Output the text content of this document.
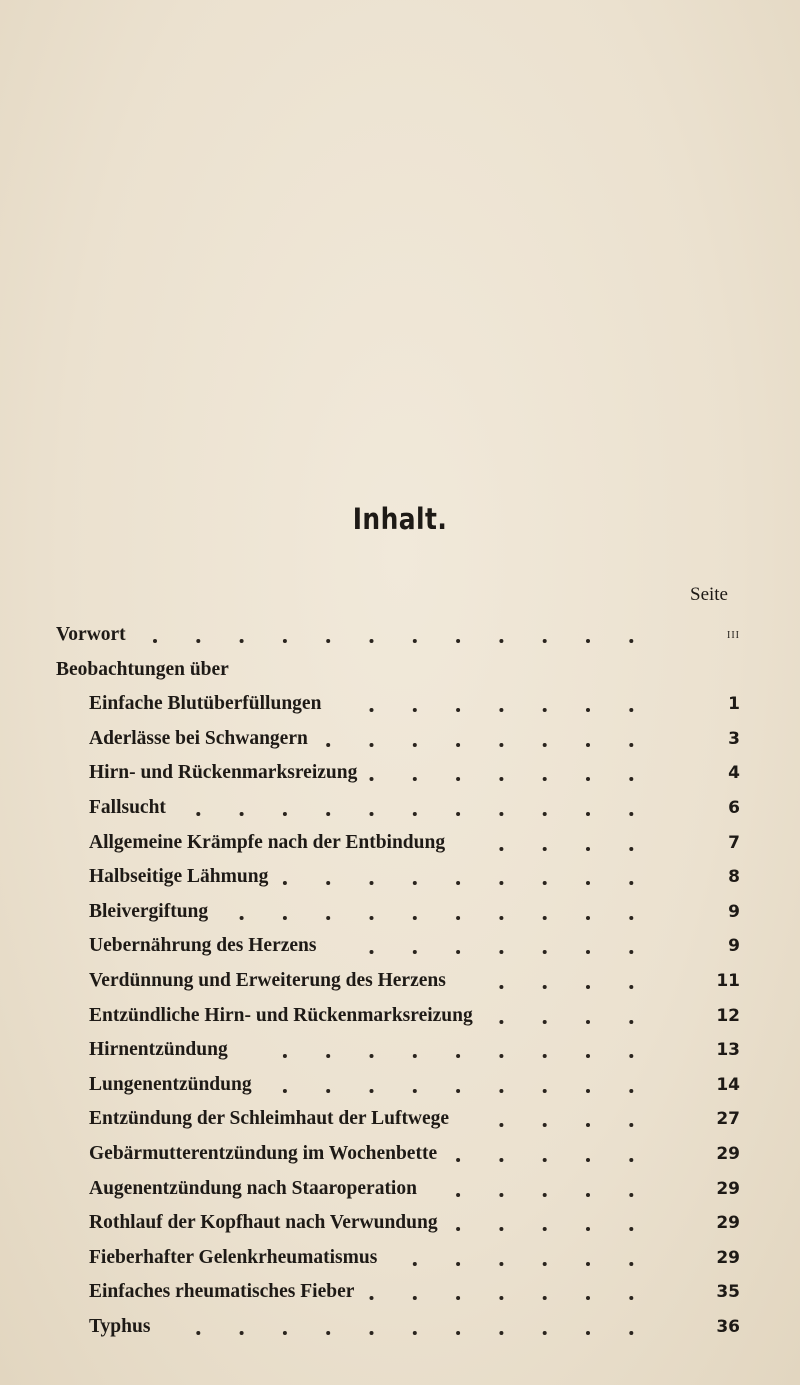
Inhalt.
Seite
Vorwort	iii
Beobachtungen über
Einfache Blutüberfüllungen	1
Aderlässe bei Schwangern	3
Hirn- und Rückenmarksreizung	4
Fallsucht	6
Allgemeine Krämpfe nach der Entbindung	7
Halbseitige Lähmung	8
Bleivergiftung	9
Uebernährung des Herzens	9
Verdünnung und Erweiterung des Herzens	11
Entzündliche Hirn- und Rückenmarksreizung	12
Hirnentzündung	13
Lungenentzündung	14
Entzündung der Schleimhaut der Luftwege	27
Gebärmutterentzündung im Wochenbette	29
Augenentzündung nach Staaroperation	29
Rothlauf der Kopfhaut nach Verwundung	29
Fieberhafter Gelenkrheumatismus	29
Einfaches rheumatisches Fieber	35
Typhus	36
